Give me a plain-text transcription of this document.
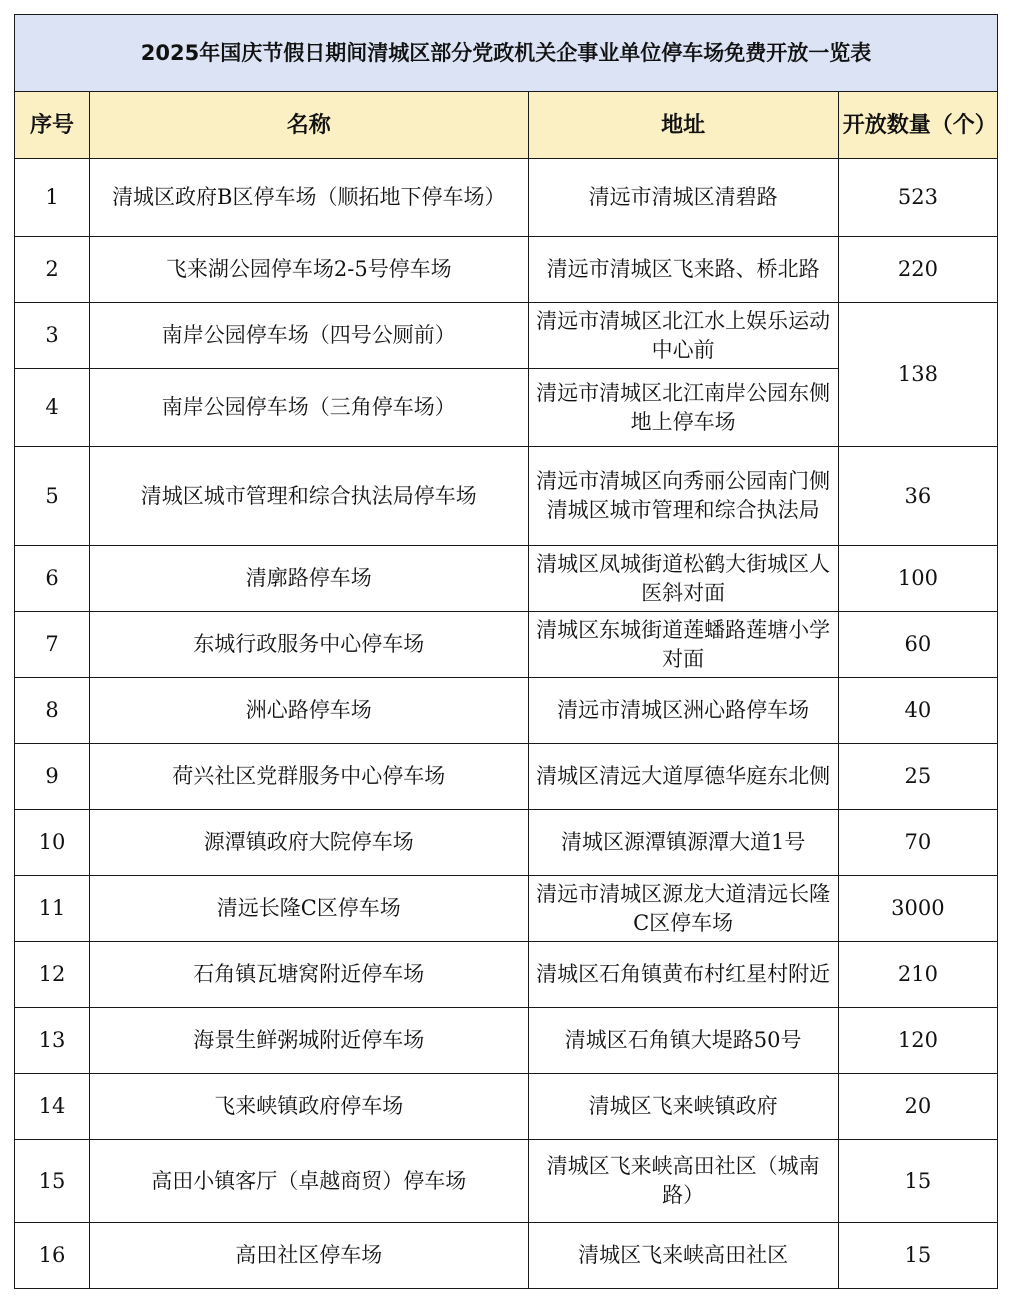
2025年国庆节假日期间清城区部分党政机关企事业单位停车场免费开放一览表			
序号	名称	地址	开放数量（个）
1	清城区政府B区停车场（顺拓地下停车场）	清远市清城区清碧路	523
2	飞来湖公园停车场2-5号停车场	清远市清城区飞来路、桥北路	220
3	南岸公园停车场（四号公厕前）	清远市清城区北江水上娱乐运动中心前	138
4	南岸公园停车场（三角停车场）	清远市清城区北江南岸公园东侧地上停车场	
5	清城区城市管理和综合执法局停车场	清远市清城区向秀丽公园南门侧清城区城市管理和综合执法局	36
6	清廓路停车场	清城区凤城街道松鹤大街城区人医斜对面	100
7	东城行政服务中心停车场	清城区东城街道莲蟠路莲塘小学对面	60
8	洲心路停车场	清远市清城区洲心路停车场	40
9	荷兴社区党群服务中心停车场	清城区清远大道厚德华庭东北侧	25
10	源潭镇政府大院停车场	清城区源潭镇源潭大道1号	70
11	清远长隆C区停车场	清远市清城区源龙大道清远长隆C区停车场	3000
12	石角镇瓦塘窝附近停车场	清城区石角镇黄布村红星村附近	210
13	海景生鲜粥城附近停车场	清城区石角镇大堤路50号	120
14	飞来峡镇政府停车场	清城区飞来峡镇政府	20
15	高田小镇客厅（卓越商贸）停车场	清城区飞来峡高田社区（城南路）	15
16	高田社区停车场	清城区飞来峡高田社区	15
